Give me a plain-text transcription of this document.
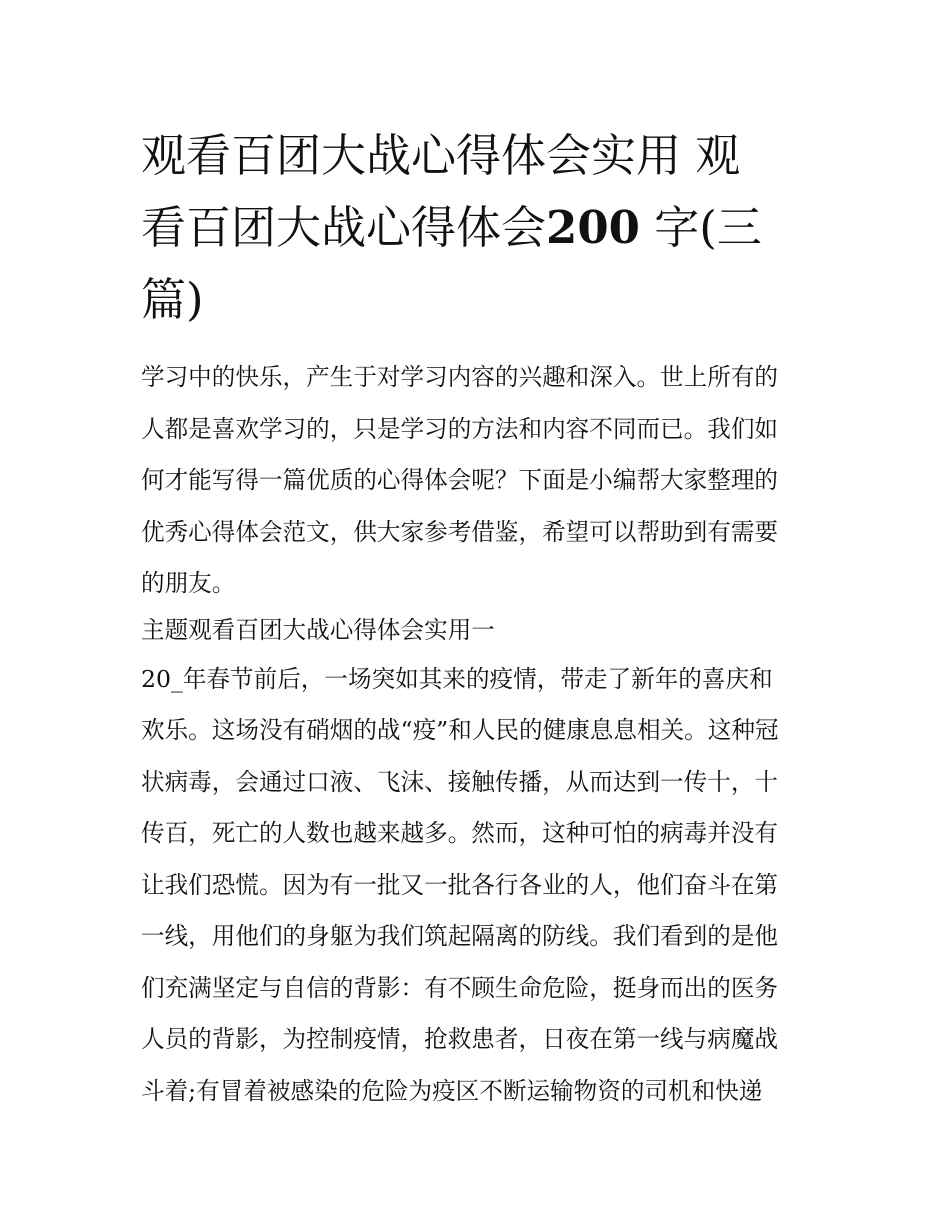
观看百团大战心得体会实用 观
看百团大战心得体会200 字(三
篇)
学习中的快乐，产生于对学习内容的兴趣和深入。世上所有的
人都是喜欢学习的，只是学习的方法和内容不同而已。我们如
何才能写得一篇优质的心得体会呢？下面是小编帮大家整理的
优秀心得体会范文，供大家参考借鉴，希望可以帮助到有需要
的朋友。
主题观看百团大战心得体会实用一
20_年春节前后，一场突如其来的疫情，带走了新年的喜庆和
欢乐。这场没有硝烟的战“疫”和人民的健康息息相关。这种冠
状病毒，会通过口液、飞沫、接触传播，从而达到一传十，十
传百，死亡的人数也越来越多。然而，这种可怕的病毒并没有
让我们恐慌。因为有一批又一批各行各业的人，他们奋斗在第
一线，用他们的身躯为我们筑起隔离的防线。我们看到的是他
们充满坚定与自信的背影：有不顾生命危险，挺身而出的医务
人员的背影，为控制疫情，抢救患者，日夜在第一线与病魔战
斗着;有冒着被感染的危险为疫区不断运输物资的司机和快递
